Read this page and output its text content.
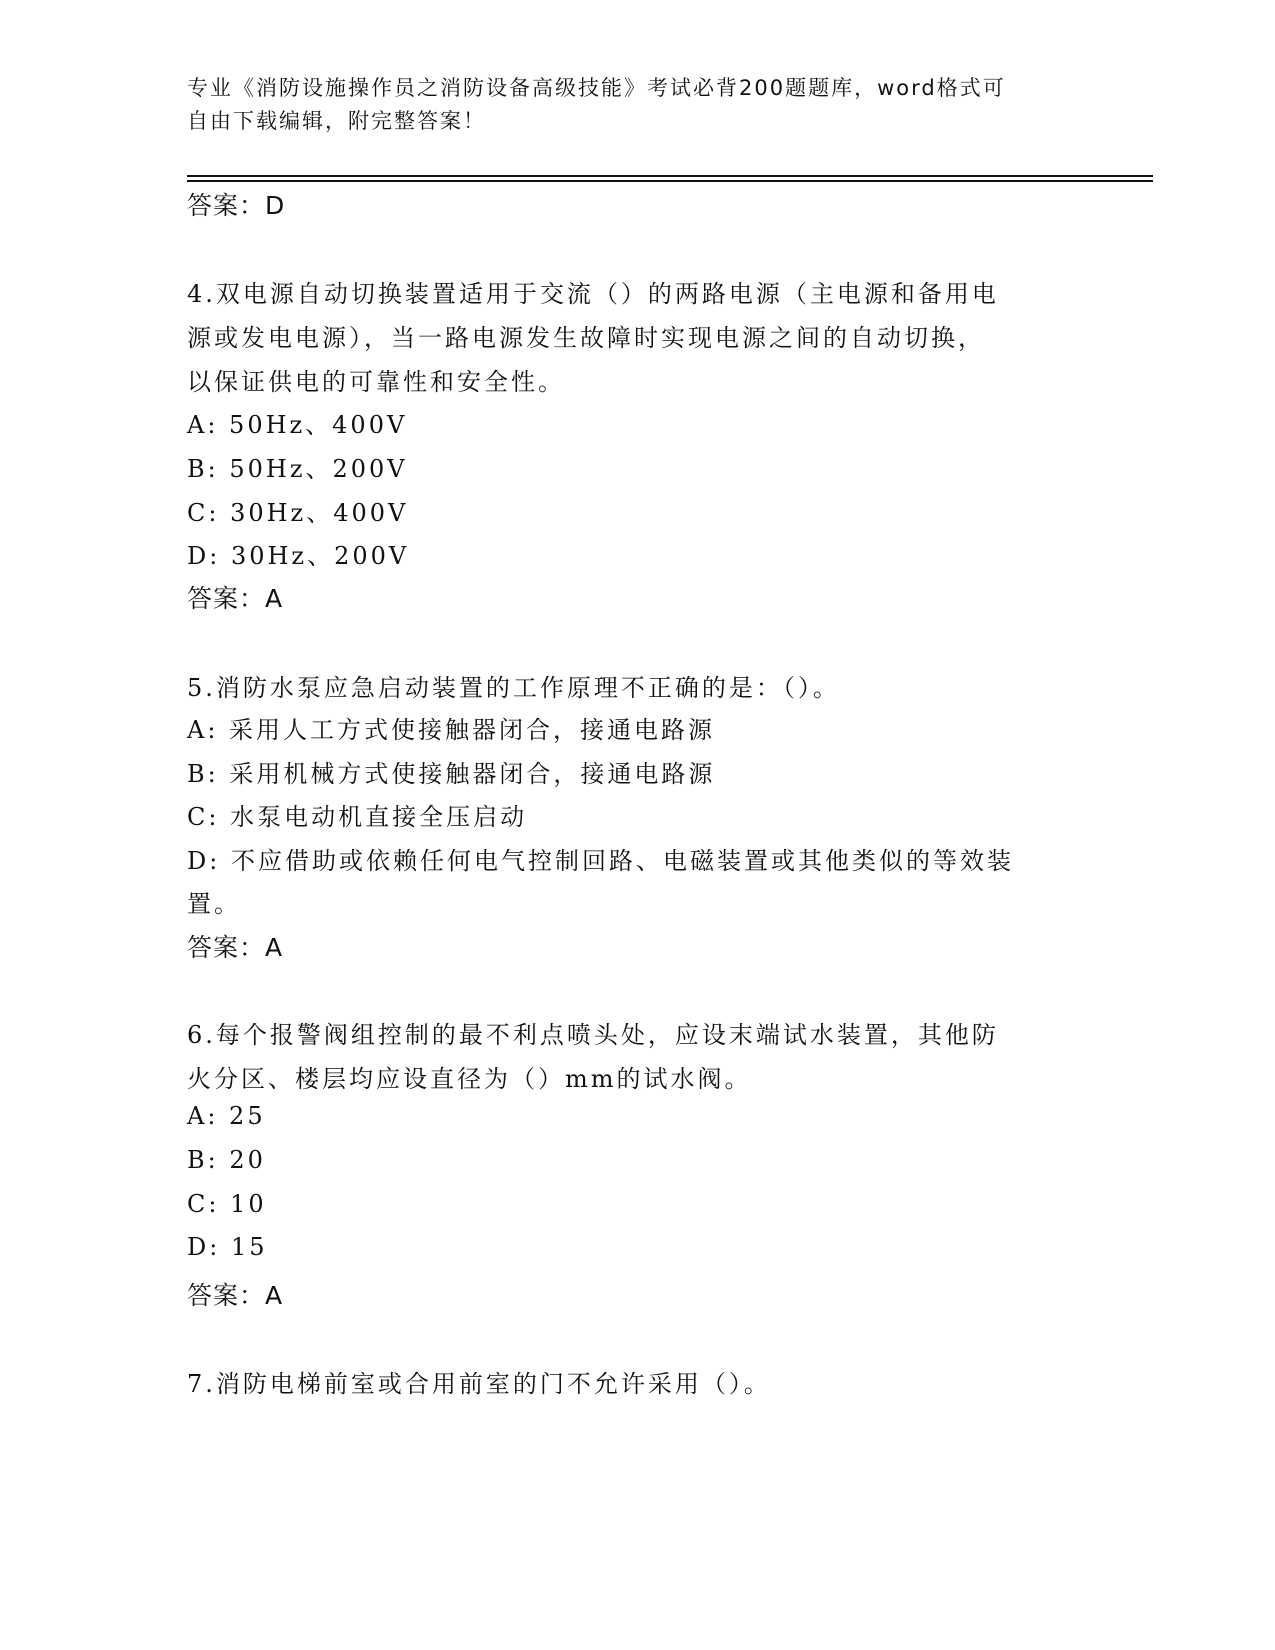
专业《消防设施操作员之消防设备高级技能》考试必背200题题库，word格式可
自由下载编辑，附完整答案！
答案：D
4.双电源自动切换装置适用于交流（）的两路电源（主电源和备用电
源或发电电源），当一路电源发生故障时实现电源之间的自动切换，
以保证供电的可靠性和安全性。
A: 50Hz、400V
B: 50Hz、200V
C: 30Hz、400V
D: 30Hz、200V
答案：A
5.消防水泵应急启动装置的工作原理不正确的是：（）。
A: 采用人工方式使接触器闭合，接通电路源
B: 采用机械方式使接触器闭合，接通电路源
C: 水泵电动机直接全压启动
D: 不应借助或依赖任何电气控制回路、电磁装置或其他类似的等效装
置。
答案：A
6.每个报警阀组控制的最不利点喷头处，应设末端试水装置，其他防
火分区、楼层均应设直径为（）mm的试水阀。
A: 25
B: 20
C: 10
D: 15
答案：A
7.消防电梯前室或合用前室的门不允许采用（）。
